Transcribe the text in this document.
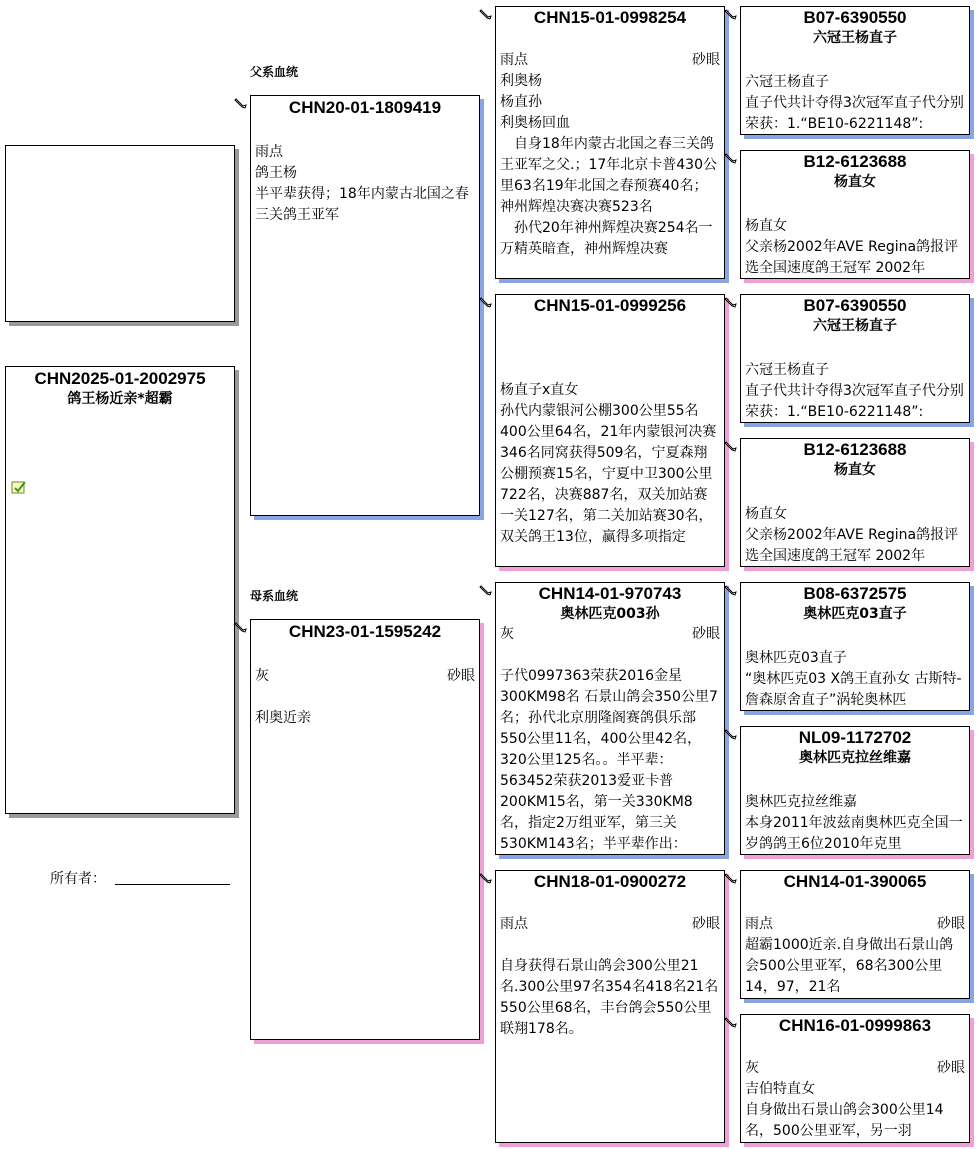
CHN2025-01-2002975
鸽王杨近亲*超霸
所有者：
父系血统
母系血统
CHN20-01-1809419
雨点
鸽王杨
半平辈获得；18年内蒙古北国之春三关鸽王亚军
CHN23-01-1595242
灰	砂眼
利奥近亲
CHN15-01-0998254
雨点	砂眼
利奥杨
杨直孙
利奥杨回血
　自身18年内蒙古北国之春三关鸽王亚军之父.；17年北京卡普430公里63名19年北国之春预赛40名；神州辉煌决赛决赛523名
　孙代20年神州辉煌决赛254名一万精英暗查，神州辉煌决赛
CHN15-01-0999256
杨直子x直女
孙代内蒙银河公棚300公里55名400公里64名，21年内蒙银河决赛346名同窝获得509名，宁夏森翔公棚预赛15名，宁夏中卫300公里722名，决赛887名，双关加站赛一关127名，第二关加站赛30名，双关鸽王13位，赢得多项指定
CHN14-01-970743
奥林匹克003孙
灰	砂眼
子代0997363荣获2016金星300KM98名 石景山鸽会350公里7名；孙代北京朋隆阁赛鸽俱乐部550公里11名，400公里42名，320公里125名。。半平辈：563452荣获2013爱亚卡普200KM15名，第一关330KM8名，指定2万组亚军，第三关530KM143名；半平辈作出：
CHN18-01-0900272
雨点	砂眼
自身获得石景山鸽会300公里21名.300公里97名354名418名21名550公里68名，丰台鸽会550公里联翔178名。
B07-6390550
六冠王杨直子
六冠王杨直子
直子代共计夺得3次冠军直子代分别荣获：1.“BE10-6221148”:
B12-6123688
杨直女
杨直女
父亲杨2002年AVE Regina鸽报评选全国速度鸽王冠军 2002年
B07-6390550
六冠王杨直子
六冠王杨直子
直子代共计夺得3次冠军直子代分别荣获：1.“BE10-6221148”:
B12-6123688
杨直女
杨直女
父亲杨2002年AVE Regina鸽报评选全国速度鸽王冠军 2002年
B08-6372575
奥林匹克03直子
奥林匹克03直子
“奥林匹克03 X鸽王直孙女 古斯特-詹森原舍直子”涡轮奥林匹
NL09-1172702
奥林匹克拉丝维嘉
奥林匹克拉丝维嘉
本身2011年波兹南奥林匹克全国一岁鸽鸽王6位2010年克里
CHN14-01-390065
雨点	砂眼
超霸1000近亲.自身做出石景山鸽会500公里亚军，68名300公里14，97，21名
CHN16-01-0999863
灰	砂眼
吉伯特直女
自身做出石景山鸽会300公里14名，500公里亚军，另一羽
